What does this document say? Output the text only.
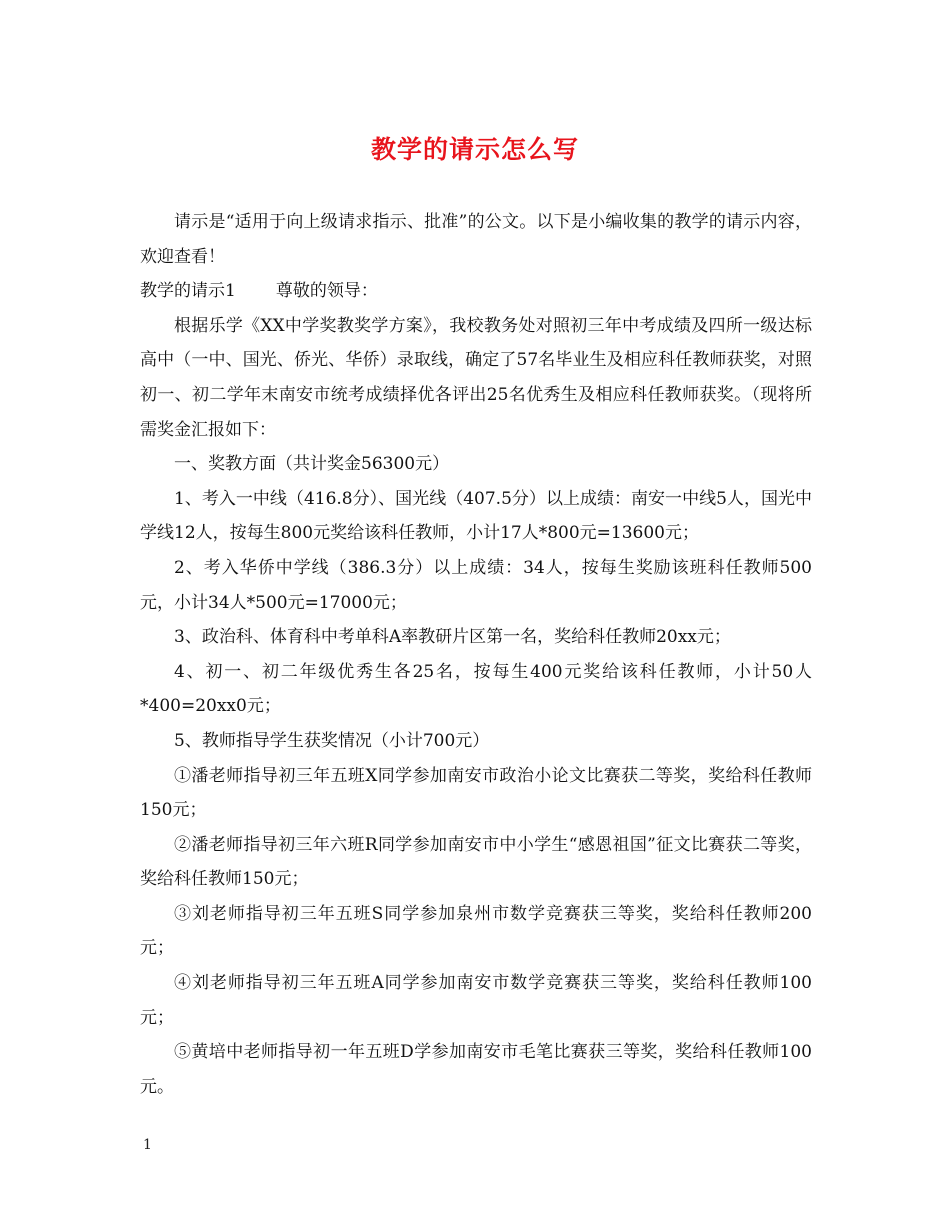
教学的请示怎么写

请示是“适用于向上级请求指示、批准”的公文。以下是小编收集的教学的请示内容，欢迎查看！

教学的请示1 尊敬的领导：

根据乐学《XX中学奖教奖学方案》，我校教务处对照初三年中考成绩及四所一级达标高中（一中、国光、侨光、华侨）录取线，确定了57名毕业生及相应科任教师获奖，对照初一、初二学年末南安市统考成绩择优各评出25名优秀生及相应科任教师获奖。（现将所需奖金汇报如下：

一、奖教方面（共计奖金56300元）

1、考入一中线（416.8分）、国光线（407.5分）以上成绩：南安一中线5人，国光中学线12人，按每生800元奖给该科任教师，小计17人*800元=13600元；

2、考入华侨中学线（386.3分）以上成绩：34人，按每生奖励该班科任教师500元，小计34人*500元=17000元；

3、政治科、体育科中考单科A率教研片区第一名，奖给科任教师20xx元；

4、初一、初二年级优秀生各25名，按每生400元奖给该科任教师，小计50人*400=20xx0元；

5、教师指导学生获奖情况（小计700元）

①潘老师指导初三年五班X同学参加南安市政治小论文比赛获二等奖，奖给科任教师150元；

②潘老师指导初三年六班R同学参加南安市中小学生“感恩祖国”征文比赛获二等奖，奖给科任教师150元；

③刘老师指导初三年五班S同学参加泉州市数学竞赛获三等奖，奖给科任教师200元；

④刘老师指导初三年五班A同学参加南安市数学竞赛获三等奖，奖给科任教师100元；

⑤黄培中老师指导初一年五班D学参加南安市毛笔比赛获三等奖，奖给科任教师100元。

1
